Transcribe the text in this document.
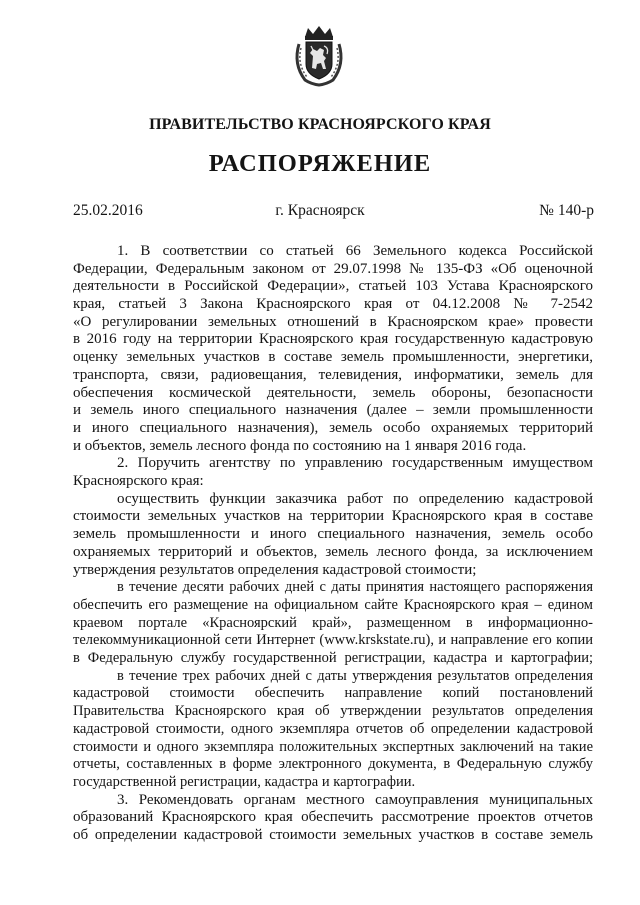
ПРАВИТЕЛЬСТВО КРАСНОЯРСКОГО КРАЯ
РАСПОРЯЖЕНИЕ
25.02.2016	г. Красноярск	№ 140-р
1. В соответствии со статьей 66 Земельного кодекса Российской
Федерации, Федеральным законом от 29.07.1998 № 135-ФЗ «Об оценочной
деятельности в Российской Федерации», статьей 103 Устава Красноярского
края, статьей 3 Закона Красноярского края от 04.12.2008 № 7-2542
«О регулировании земельных отношений в Красноярском крае» провести
в 2016 году на территории Красноярского края государственную кадастровую
оценку земельных участков в составе земель промышленности, энергетики,
транспорта, связи, радиовещания, телевидения, информатики, земель для
обеспечения космической деятельности, земель обороны, безопасности
и земель иного специального назначения (далее – земли промышленности
и иного специального назначения), земель особо охраняемых территорий
и объектов, земель лесного фонда по состоянию на 1 января 2016 года.
2. Поручить агентству по управлению государственным имуществом
Красноярского края:
осуществить функции заказчика работ по определению кадастровой
стоимости земельных участков на территории Красноярского края в составе
земель промышленности и иного специального назначения, земель особо
охраняемых территорий и объектов, земель лесного фонда, за исключением
утверждения результатов определения кадастровой стоимости;
в течение десяти рабочих дней с даты принятия настоящего распоряжения
обеспечить его размещение на официальном сайте Красноярского края – едином
краевом портале «Красноярский край», размещенном в информационно-
телекоммуникационной сети Интернет (www.krskstate.ru), и направление его копии
в Федеральную службу государственной регистрации, кадастра и картографии;
в течение трех рабочих дней с даты утверждения результатов определения
кадастровой стоимости обеспечить направление копий постановлений
Правительства Красноярского края об утверждении результатов определения
кадастровой стоимости, одного экземпляра отчетов об определении кадастровой
стоимости и одного экземпляра положительных экспертных заключений на такие
отчеты, составленных в форме электронного документа, в Федеральную службу
государственной регистрации, кадастра и картографии.
3. Рекомендовать органам местного самоуправления муниципальных
образований Красноярского края обеспечить рассмотрение проектов отчетов
об определении кадастровой стоимости земельных участков в составе земель
